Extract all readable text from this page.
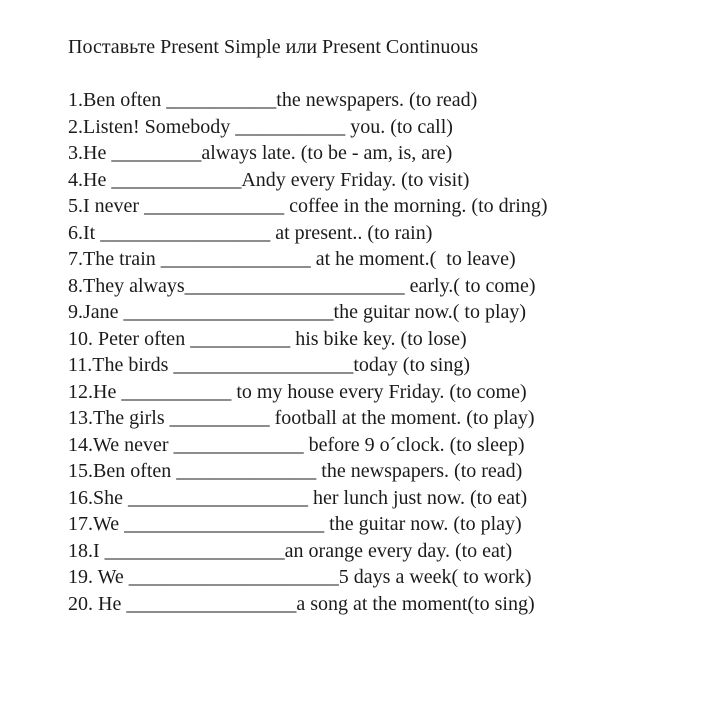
Поставьте Present Simple или Present Continuous
1.Ben often ___________the newspapers. (to read)
2.Listen! Somebody ___________ you. (to call)
3.He _________always late. (to be - am, is, are)
4.He _____________Andy every Friday. (to visit)
5.I never ______________ coffee in the morning. (to dring)
6.It _________________ at present.. (to rain)
7.The train _______________ at he moment.(  to leave)
8.They always______________________ early.( to come)
9.Jane _____________________the guitar now.( to play)
10. Peter often __________ his bike key. (to lose)
11.The birds __________________today (to sing)
12.He ___________ to my house every Friday. (to come)
13.The girls __________ football at the moment. (to play)
14.We never _____________ before 9 o´clock. (to sleep)
15.Ben often ______________ the newspapers. (to read)
16.She __________________ her lunch just now. (to eat)
17.We ____________________ the guitar now. (to play)
18.I __________________an orange every day. (to eat)
19. We _____________________5 days a week( to work)
20. He _________________a song at the moment(to sing)
